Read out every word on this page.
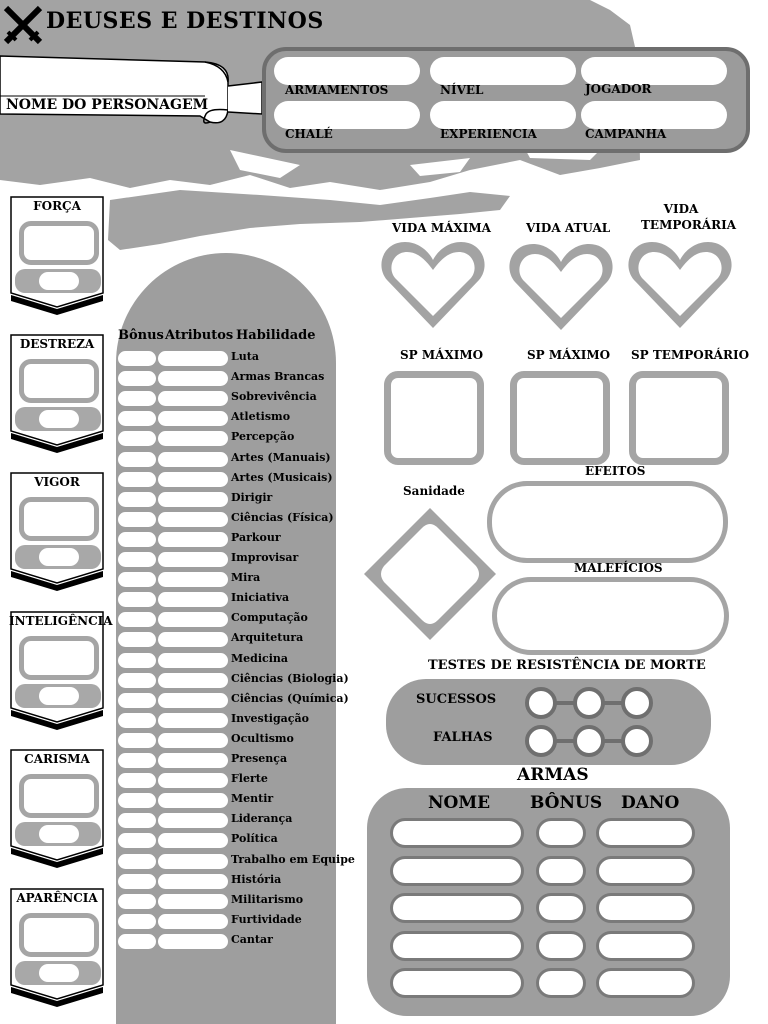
DEUSES E DESTINOS
NOME DO PERSONAGEM
ARMAMENTOS	NÍVEL	JOGADOR
CHALÉ	EXPERIENCIA	CAMPANHA
FORÇA
DESTREZA
VIGOR
INTELIGÊNCIA
CARISMA
APARÊNCIA
Bônus Atributos Habilidade
Luta
Armas Brancas
Sobrevivência
Atletismo
Percepção
Artes (Manuais)
Artes (Musicais)
Dirigir
Ciências (Física)
Parkour
Improvisar
Mira
Iniciativa
Computação
Arquitetura
Medicina
Ciências (Biologia)
Ciências (Química)
Investigação
Ocultismo
Presença
Flerte
Mentir
Liderança
Política
Trabalho em Equipe
História
Militarismo
Furtividade
Cantar
VIDA MÁXIMA	VIDA ATUAL
VIDA TEMPORÁRIA
SP MÁXIMO	SP MÁXIMO SP TEMPORÁRIO
Sanidade
EFEITOS
MALEFÍCIOS
TESTES DE RESISTÊNCIA DE MORTE
SUCESSOS
FALHAS
ARMAS
NOME BÔNUS DANO
